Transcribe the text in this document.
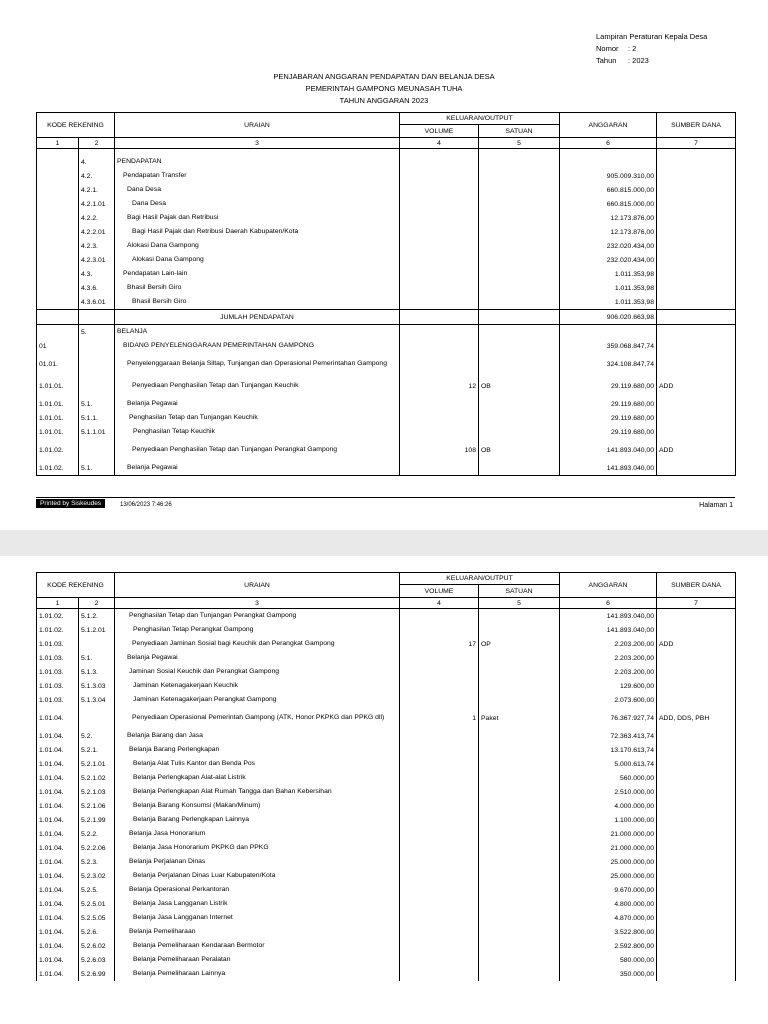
Lampiran Peraturan Kepala Desa
Nomor : 2
Tahun : 2023
PENJABARAN ANGGARAN PENDAPATAN DAN BELANJA DESA
PEMERINTAH GAMPONG MEUNASAH TUHA
TAHUN ANGGARAN 2023
KODE REKENING		URAIAN	KELUARAN/OUTPUT		ANGGARAN	SUMBER DANA
			VOLUME	SATUAN		
1	2	3	4	5	6	7
	4.	PENDAPATAN				
	4.2.	Pendapatan Transfer			905.009.310,00	
	4.2.1.	Dana Desa			660.815.000,00	
	4.2.1.01	Dana Desa			660.815.000,00	
	4.2.2.	Bagi Hasil Pajak dan Retribusi			12.173.876,00	
	4.2.2.01	Bagi Hasil Pajak dan Retribusi Daerah Kabupaten/Kota			12.173.876,00	
	4.2.3.	Alokasi Dana Gampong			232.020.434,00	
	4.2.3.01	Alokasi Dana Gampong			232.020.434,00	
	4.3.	Pendapatan Lain-lain			1.011.353,98	
	4.3.6.	Bhasil Bersih Giro			1.011.353,98	
	4.3.6.01	Bhasil Bersih Giro			1.011.353,98	
		JUMLAH PENDAPATAN			906.020.663,98	
	5.	BELANJA				
01		BIDANG PENYELENGGARAAN PEMERINTAHAN GAMPONG			359.068.847,74	
01.01.		Penyelenggaraan Belanja Siltap, Tunjangan dan Operasional Pemerintahan Gampong			324.108.847,74	
1.01.01.		Penyediaan Penghasilan Tetap dan Tunjangan Keuchik	12	OB	29.119.680,00	ADD
1.01.01.	5.1.	Belanja Pegawai			29.119.680,00	
1.01.01.	5.1.1.	Penghasilan Tetap dan Tunjangan Keuchik			29.119.680,00	
1.01.01.	5.1.1.01	Penghasilan Tetap Keuchik			29.119.680,00	
1.01.02.		Penyediaan Penghasilan Tetap dan Tunjangan Perangkat Gampong	108	OB	141.893.040,00	ADD
1.01.02.	5.1.	Belanja Pegawai			141.893.040,00	
Printed by Siskeudes	13/06/2023 7:46:26	Halaman 1
KODE REKENING		URAIAN	KELUARAN/OUTPUT		ANGGARAN	SUMBER DANA
			VOLUME	SATUAN		
1	2	3	4	5	6	7
1.01.02.	5.1.2.	Penghasilan Tetap dan Tunjangan Perangkat Gampong			141.893.040,00	
1.01.02.	5.1.2.01	Penghasilan Tetap Perangkat Gampong			141.893.040,00	
1.01.03.		Penyediaan Jaminan Sosial bagi Keuchik dan Perangkat Gampong	17	OP	2.203.200,00	ADD
1.01.03.	5.1.	Belanja Pegawai			2.203.200,00	
1.01.03.	5.1.3.	Jaminan Sosial Keuchik dan Perangkat Gampong			2.203.200,00	
1.01.03.	5.1.3.03	Jaminan Ketenagakerjaan Keuchik			129.600,00	
1.01.03.	5.1.3.04	Jaminan Ketenagakerjaan Perangkat Gampong			2.073.600,00	
1.01.04.		Penyediaan Operasional Pemerintah Gampong (ATK, Honor PKPKG dan PPKG dll)	1	Paket	76.367.927,74	ADD, DDS, PBH
1.01.04.	5.2.	Belanja Barang dan Jasa			72.363.413,74	
1.01.04.	5.2.1.	Belanja Barang Perlengkapan			13.170.613,74	
1.01.04.	5.2.1.01	Belanja Alat Tulis Kantor dan Benda Pos			5.000.613,74	
1.01.04.	5.2.1.02	Belanja Perlengkapan Alat-alat Listrik			560.000,00	
1.01.04.	5.2.1.03	Belanja Perlengkapan Alat Rumah Tangga dan Bahan Kebersihan			2.510.000,00	
1.01.04.	5.2.1.06	Belanja Barang Konsumsi (Makan/Minum)			4.000.000,00	
1.01.04.	5.2.1.99	Belanja Barang Perlengkapan Lainnya			1.100.000,00	
1.01.04.	5.2.2.	Belanja Jasa Honorarium			21.000.000,00	
1.01.04.	5.2.2.06	Belanja Jasa Honorarium PKPKG dan PPKG			21.000.000,00	
1.01.04.	5.2.3.	Belanja Perjalanan Dinas			25.000.000,00	
1.01.04.	5.2.3.02	Belanja Perjalanan Dinas Luar Kabupaten/Kota			25.000.000,00	
1.01.04.	5.2.5.	Belanja Operasional Perkantoran			9.670.000,00	
1.01.04.	5.2.5.01	Belanja Jasa Langganan Listrik			4.800.000,00	
1.01.04.	5.2.5.05	Belanja Jasa Langganan Internet			4.870.000,00	
1.01.04.	5.2.6.	Belanja Pemeliharaan			3.522.800,00	
1.01.04.	5.2.6.02	Belanja Pemeliharaan Kendaraan Bermotor			2.592.800,00	
1.01.04.	5.2.6.03	Belanja Pemeliharaan Peralatan			580.000,00	
1.01.04.	5.2.6.99	Belanja Pemeliharaan Lainnya			350.000,00	
